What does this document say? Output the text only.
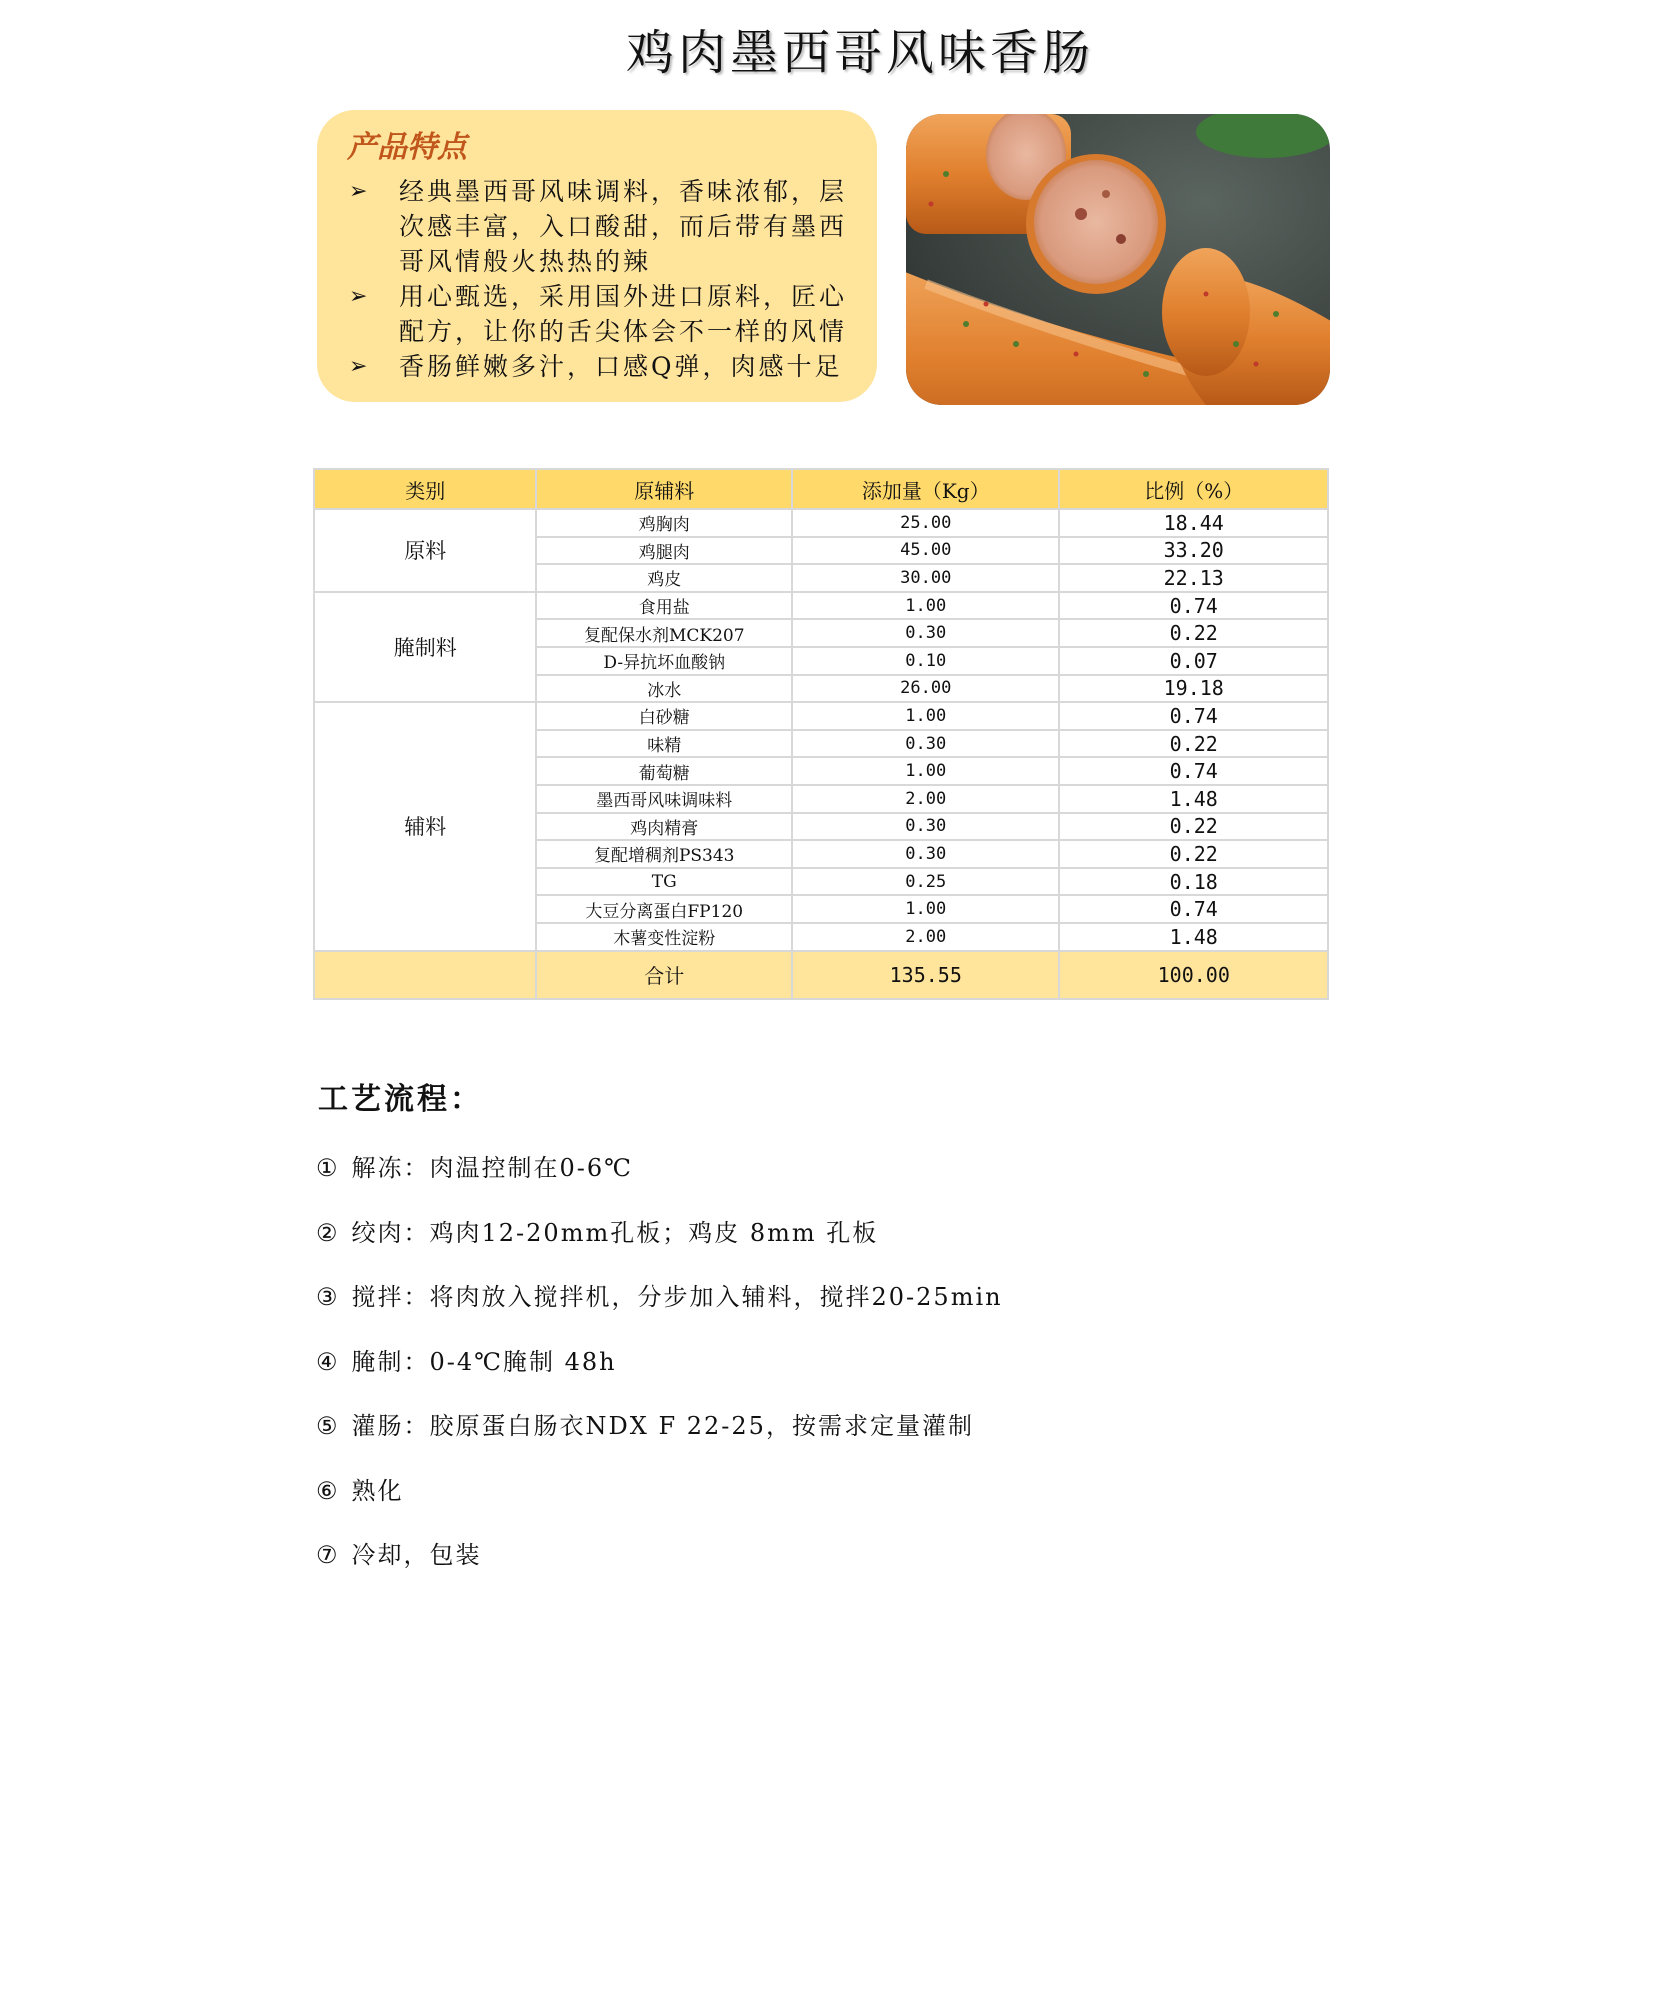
鸡肉墨西哥风味香肠
产品特点
➢ 经典墨西哥风味调料，香味浓郁，层
次感丰富，入口酸甜，而后带有墨西
哥风情般火热热的辣
➢ 用心甄选，采用国外进口原料，匠心
配方，让你的舌尖体会不一样的风情
➢ 香肠鲜嫩多汁，口感Q弹，肉感十足
类别	原辅料	添加量（Kg）	比例（%）
原料	鸡胸肉	25.00	18.44
	鸡腿肉	45.00	33.20
	鸡皮	30.00	22.13
腌制料	食用盐	1.00	0.74
	复配保水剂MCK207	0.30	0.22
	D-异抗坏血酸钠	0.10	0.07
	冰水	26.00	19.18
辅料	白砂糖	1.00	0.74
	味精	0.30	0.22
	葡萄糖	1.00	0.74
	墨西哥风味调味料	2.00	1.48
	鸡肉精膏	0.30	0.22
	复配增稠剂PS343	0.30	0.22
	TG	0.25	0.18
	大豆分离蛋白FP120	1.00	0.74
	木薯变性淀粉	2.00	1.48
	合计	135.55	100.00
工艺流程：
① 解冻：肉温控制在0-6℃
② 绞肉：鸡肉12-20mm孔板；鸡皮 8mm 孔板
③ 搅拌：将肉放入搅拌机，分步加入辅料，搅拌20-25min
④ 腌制：0-4℃腌制 48h
⑤ 灌肠：胶原蛋白肠衣NDX F 22-25，按需求定量灌制
⑥ 熟化
⑦ 冷却，包装
